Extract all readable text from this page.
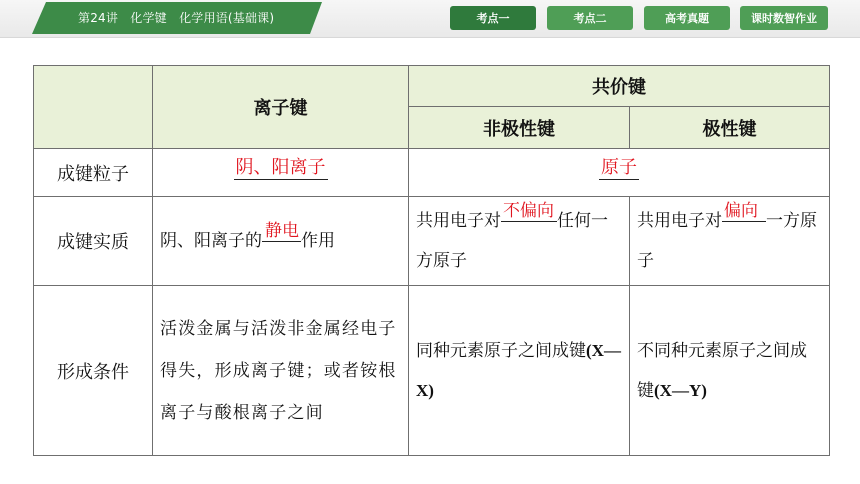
第24讲　化学键　化学用语(基础课)	考点一	考点二	高考真题	课时数智作业
	离子键	共价键	
		非极性键	极性键
成键粒子	阴、阳离子	原子	
成键实质	阴、阳离子的 静电 作用	共用电子对 不偏向 任何一方原子	共用电子对 偏向 一方原子
形成条件	活泼金属与活泼非金属经电子得失，形成离子键；或者铵根离子与酸根离子之间	同种元素原子之间成键(X—X)	不同种元素原子之间成键(X—Y)
